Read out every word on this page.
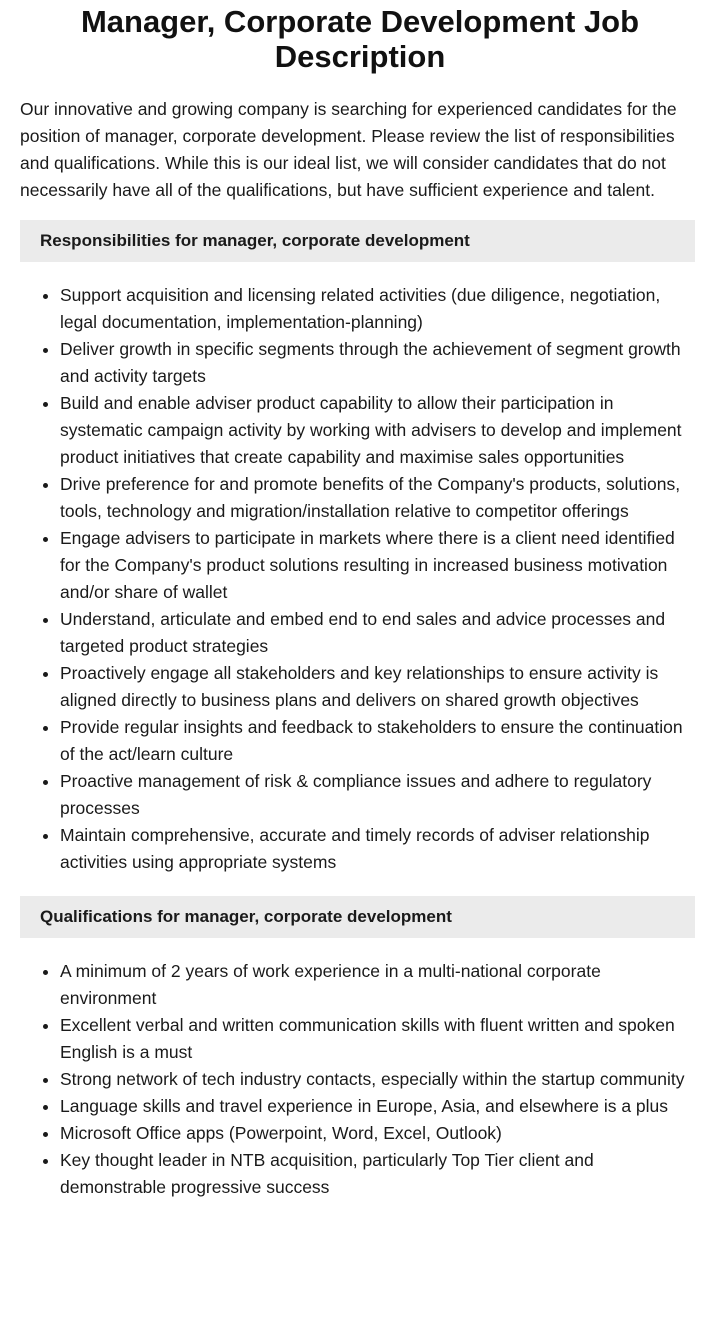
Manager, Corporate Development Job Description

Our innovative and growing company is searching for experienced candidates for the position of manager, corporate development. Please review the list of responsibilities and qualifications. While this is our ideal list, we will consider candidates that do not necessarily have all of the qualifications, but have sufficient experience and talent.

Responsibilities for manager, corporate development
• Support acquisition and licensing related activities (due diligence, negotiation, legal documentation, implementation-planning)
• Deliver growth in specific segments through the achievement of segment growth and activity targets
• Build and enable adviser product capability to allow their participation in systematic campaign activity by working with advisers to develop and implement product initiatives that create capability and maximise sales opportunities
• Drive preference for and promote benefits of the Company's products, solutions, tools, technology and migration/installation relative to competitor offerings
• Engage advisers to participate in markets where there is a client need identified for the Company's product solutions resulting in increased business motivation and/or share of wallet
• Understand, articulate and embed end to end sales and advice processes and targeted product strategies
• Proactively engage all stakeholders and key relationships to ensure activity is aligned directly to business plans and delivers on shared growth objectives
• Provide regular insights and feedback to stakeholders to ensure the continuation of the act/learn culture
• Proactive management of risk & compliance issues and adhere to regulatory processes
• Maintain comprehensive, accurate and timely records of adviser relationship activities using appropriate systems
Qualifications for manager, corporate development
• A minimum of 2 years of work experience in a multi-national corporate environment
• Excellent verbal and written communication skills with fluent written and spoken English is a must
• Strong network of tech industry contacts, especially within the startup community
• Language skills and travel experience in Europe, Asia, and elsewhere is a plus
• Microsoft Office apps (Powerpoint, Word, Excel, Outlook)
• Key thought leader in NTB acquisition, particularly Top Tier client and demonstrable progressive success
